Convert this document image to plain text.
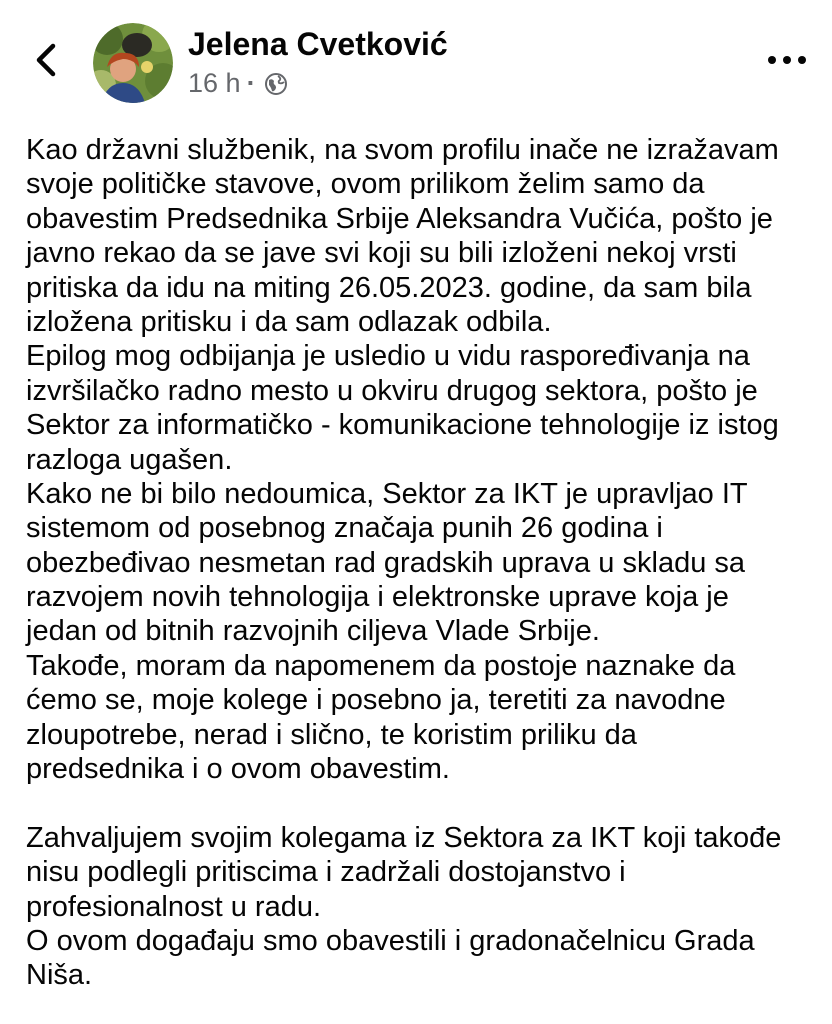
Jelena Cvetković
16 h ·
Kao državni službenik, na svom profilu inače ne izražavam
svoje političke stavove, ovom prilikom želim samo da
obavestim Predsednika Srbije Aleksandra Vučića, pošto je
javno rekao da se jave svi koji su bili izloženi nekoj vrsti
pritiska da idu na miting 26.05.2023. godine, da sam bila
izložena pritisku i da sam odlazak odbila.
Epilog mog odbijanja je usledio u vidu raspoređivanja na
izvršilačko radno mesto u okviru drugog sektora, pošto je
Sektor za informatičko - komunikacione tehnologije iz istog
razloga ugašen.
Kako ne bi bilo nedoumica, Sektor za IKT je upravljao IT
sistemom od posebnog značaja punih 26 godina i
obezbeđivao nesmetan rad gradskih uprava u skladu sa
razvojem novih tehnologija i elektronske uprave koja je
jedan od bitnih razvojnih ciljeva Vlade Srbije.
Takođe, moram da napomenem da postoje naznake da
ćemo se, moje kolege i posebno ja, teretiti za navodne
zloupotrebe, nerad i slično, te koristim priliku da
predsednika i o ovom obavestim.
Zahvaljujem svojim kolegama iz Sektora za IKT koji takođe
nisu podlegli pritiscima i zadržali dostojanstvo i
profesionalnost u radu.
O ovom događaju smo obavestili i gradonačelnicu Grada
Niša.
